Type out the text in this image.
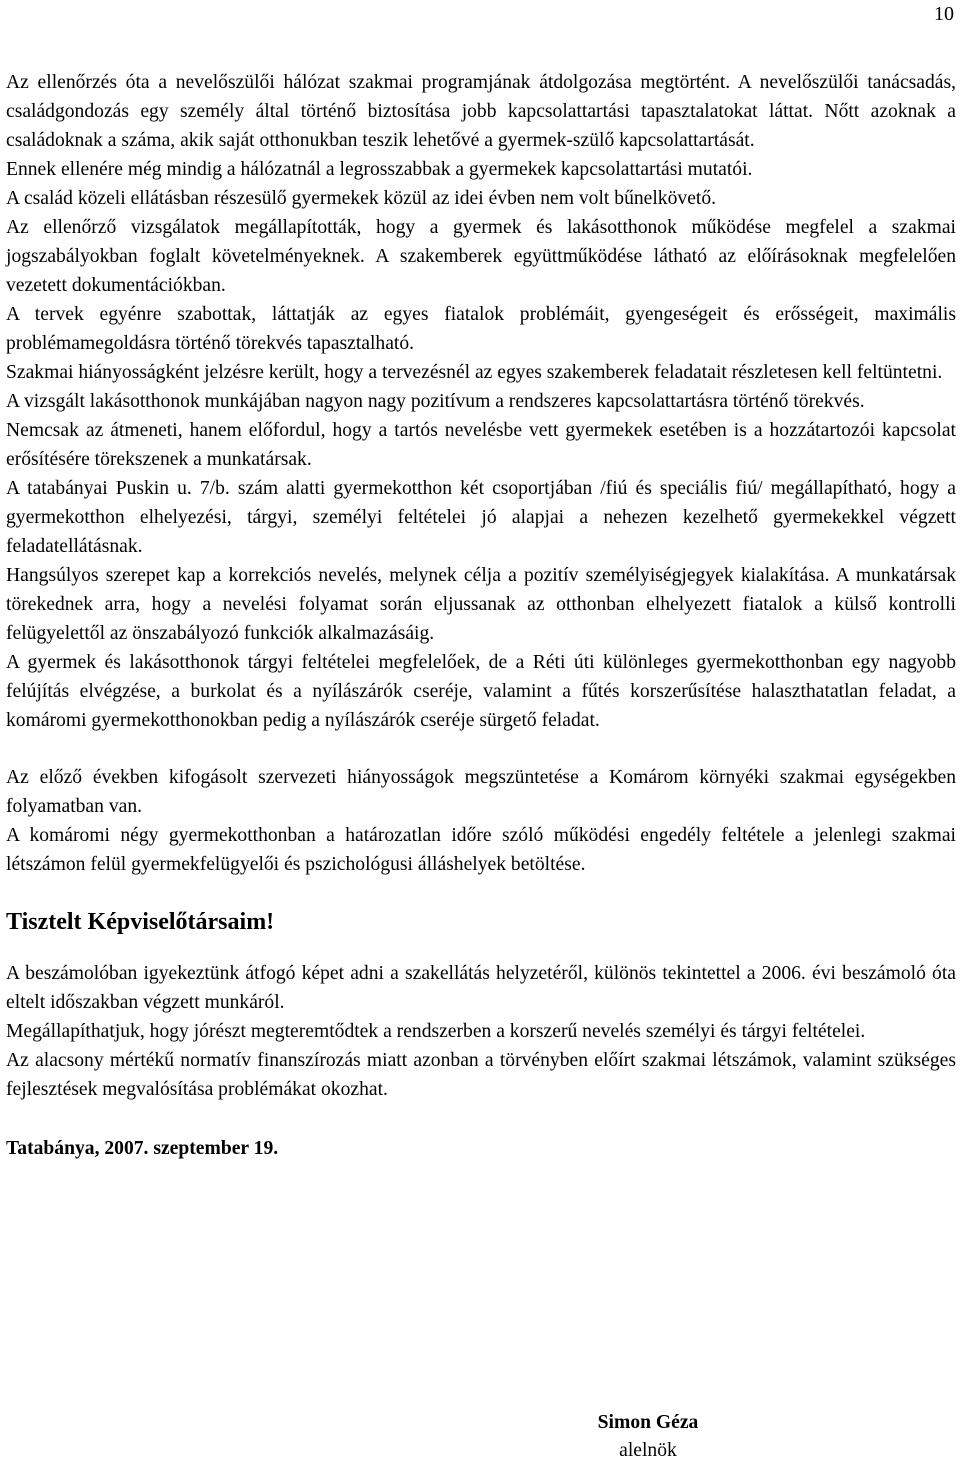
10

Az ellenőrzés óta a nevelőszülői hálózat szakmai programjának átdolgozása megtörtént. A nevelőszülői tanácsadás, családgondozás egy személy által történő biztosítása jobb kapcsolattartási tapasztalatokat láttat. Nőtt azoknak a családoknak a száma, akik saját otthonukban teszik lehetővé a gyermek-szülő kapcsolattartását.

Ennek ellenére még mindig a hálózatnál a legrosszabbak a gyermekek kapcsolattartási mutatói.

A család közeli ellátásban részesülő gyermekek közül az idei évben nem volt bűnelkövető.

Az ellenőrző vizsgálatok megállapították, hogy a gyermek és lakásotthonok működése megfelel a szakmai jogszabályokban foglalt követelményeknek. A szakemberek együttműködése látható az előírásoknak megfelelően vezetett dokumentációkban.

A tervek egyénre szabottak, láttatják az egyes fiatalok problémáit, gyengeségeit és erősségeit, maximális problémamegoldásra történő törekvés tapasztalható.

Szakmai hiányosságként jelzésre került, hogy a tervezésnél az egyes szakemberek feladatait részletesen kell feltüntetni.

A vizsgált lakásotthonok munkájában nagyon nagy pozitívum a rendszeres kapcsolattartásra történő törekvés.

Nemcsak az átmeneti, hanem előfordul, hogy a tartós nevelésbe vett gyermekek esetében is a hozzátartozói kapcsolat erősítésére törekszenek a munkatársak.

A tatabányai Puskin u. 7/b. szám alatti gyermekotthon két csoportjában /fiú és speciális fiú/ megállapítható, hogy a gyermekotthon elhelyezési, tárgyi, személyi feltételei jó alapjai a nehezen kezelhető gyermekekkel végzett feladatellátásnak.

Hangsúlyos szerepet kap a korrekciós nevelés, melynek célja a pozitív személyiségjegyek kialakítása. A munkatársak törekednek arra, hogy a nevelési folyamat során eljussanak az otthonban elhelyezett fiatalok a külső kontrolli felügyelettől az önszabályozó funkciók alkalmazásáig.

A gyermek és lakásotthonok tárgyi feltételei megfelelőek, de a Réti úti különleges gyermekotthonban egy nagyobb felújítás elvégzése, a burkolat és a nyílászárók cseréje, valamint a fűtés korszerűsítése halaszthatatlan feladat, a komáromi gyermekotthonokban pedig a nyílászárók cseréje sürgető feladat.

Az előző években kifogásolt szervezeti hiányosságok megszüntetése a Komárom környéki szakmai egységekben folyamatban van.

A komáromi négy gyermekotthonban a határozatlan időre szóló működési engedély feltétele a jelenlegi szakmai létszámon felül gyermekfelügyelői és pszichológusi álláshelyek betöltése.

Tisztelt Képviselőtársaim!

A beszámolóban igyekeztünk átfogó képet adni a szakellátás helyzetéről, különös tekintettel a 2006. évi beszámoló óta eltelt időszakban végzett munkáról.

Megállapíthatjuk, hogy jórészt megteremtődtek a rendszerben a korszerű nevelés személyi és tárgyi feltételei.

Az alacsony mértékű normatív finanszírozás miatt azonban a törvényben előírt szakmai létszámok, valamint szükséges fejlesztések megvalósítása problémákat okozhat.

Tatabánya, 2007. szeptember 19.
Simon Géza
alelnök
